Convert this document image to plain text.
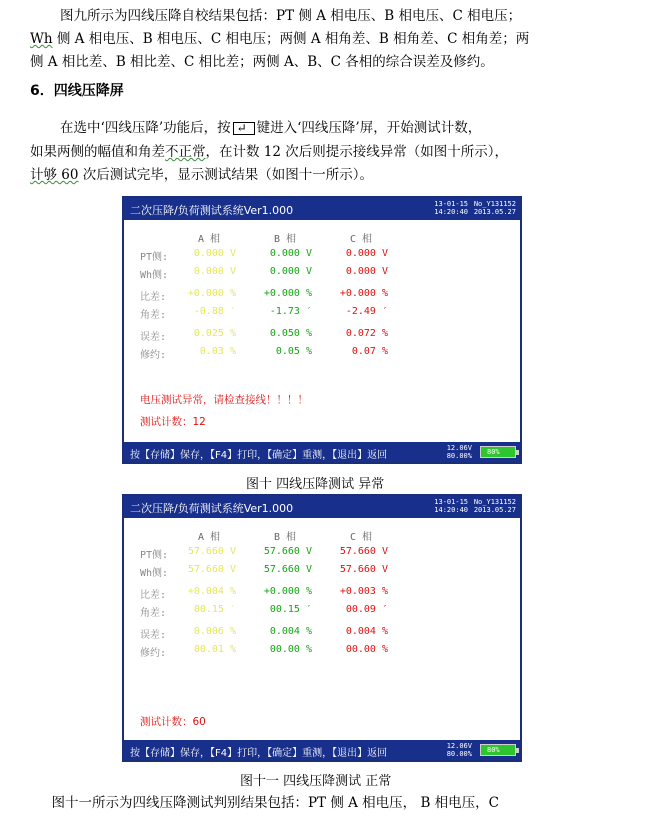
图九所示为四线压降自校结果包括：PT 侧 A 相电压、B 相电压、C 相电压；
Wh 侧 A 相电压、B 相电压、C 相电压；两侧 A 相角差、B 相角差、C 相角差；两
侧 A 相比差、B 相比差、C 相比差；两侧 A、B、C 各相的综合误差及修约。
6．四线压降屏
在选中‘四线压降’功能后，按↵ 键进入‘四线压降’屏，开始测试计数，
如果两侧的幅值和角差不正常，在计数 12 次后则提示接线异常（如图十所示），
计够 60 次后测试完毕，显示测试结果（如图十一所示）。
二次压降/负荷测试系统Ver1.000	13-01-15
14:20:40
No_Y131152
2013.05.27
A 相	B 相	C 相
PT侧:	0.000 V	0.000 V	0.000 V
Wh侧:	0.000 V	0.000 V	0.000 V
比差:	+0.000 %	+0.000 %	+0.000 %
角差:	-0.88 ′	-1.73 ′	-2.49 ′
误差:	0.025 %	0.050 %	0.072 %
修约:	0.03 %	0.05 %	0.07 %
电压测试异常，请检查接线！！！！
测试计数：12
按【存储】保存，【F4】打印，【确定】重测，【退出】返回
12.06V
80.00% 80%
图十 四线压降测试 异常
二次压降/负荷测试系统Ver1.000	13-01-15
14:20:40
No_Y131152
2013.05.27
A 相	B 相	C 相
PT侧:	57.660 V	57.660 V	57.660 V
Wh侧:	57.660 V	57.660 V	57.660 V
比差:	+0.004 %	+0.000 %	+0.003 %
角差:	00.15 ′	00.15 ′	00.09 ′
误差:	0.006 %	0.004 %	0.004 %
修约:	00.01 %	00.00 %	00.00 %
测试计数：60
按【存储】保存，【F4】打印，【确定】重测，【退出】返回
12.06V
80.00% 80%
图十一 四线压降测试 正常
图十一所示为四线压降测试判别结果包括：PT 侧 A 相电压， B 相电压，C
